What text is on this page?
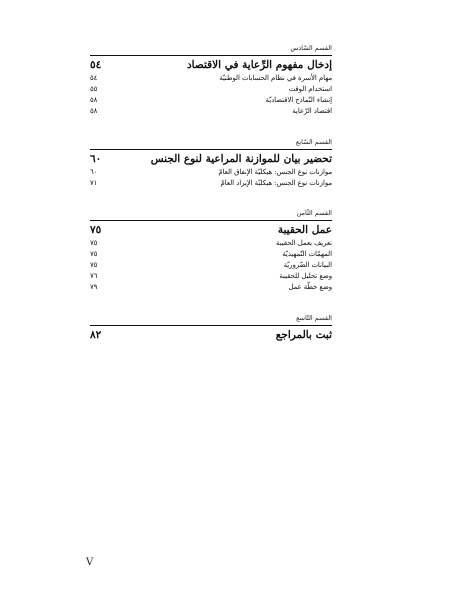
القسم السّادس
إدخال مفهوم الرِّعاية في الاقتصاد
٥٤
مهام الأسرة في نظام الحسابات الوطنيّة
٥٤
استخدام الوقت
٥٥
إنشاء النّماذج الاقتصاديّة
٥٨
اقتصاد الرّعاية
٥٨
القسم السّابع
تحضير بيان للموازنة المراعية لنوع الجنس
٦٠
موازنات نوع الجنس: هيكليّة الإنفاق العامّ
٦٠
موازنات نوع الجنس: هيكليّة الإيراد العامّ
٧١
القسم الثّامن
عمل الحقيبة
٧٥
تعريف بعمل الحقيبة
٧٥
المهمّات التّمهيديّة
٧٥
البيانات الضّروريّة
٧٥
وضع تحليل للحقيبة
٧٦
وضع خطّة عمل
٧٩
القسم التّاسع
ثبت بالمراجع
٨٢
V
